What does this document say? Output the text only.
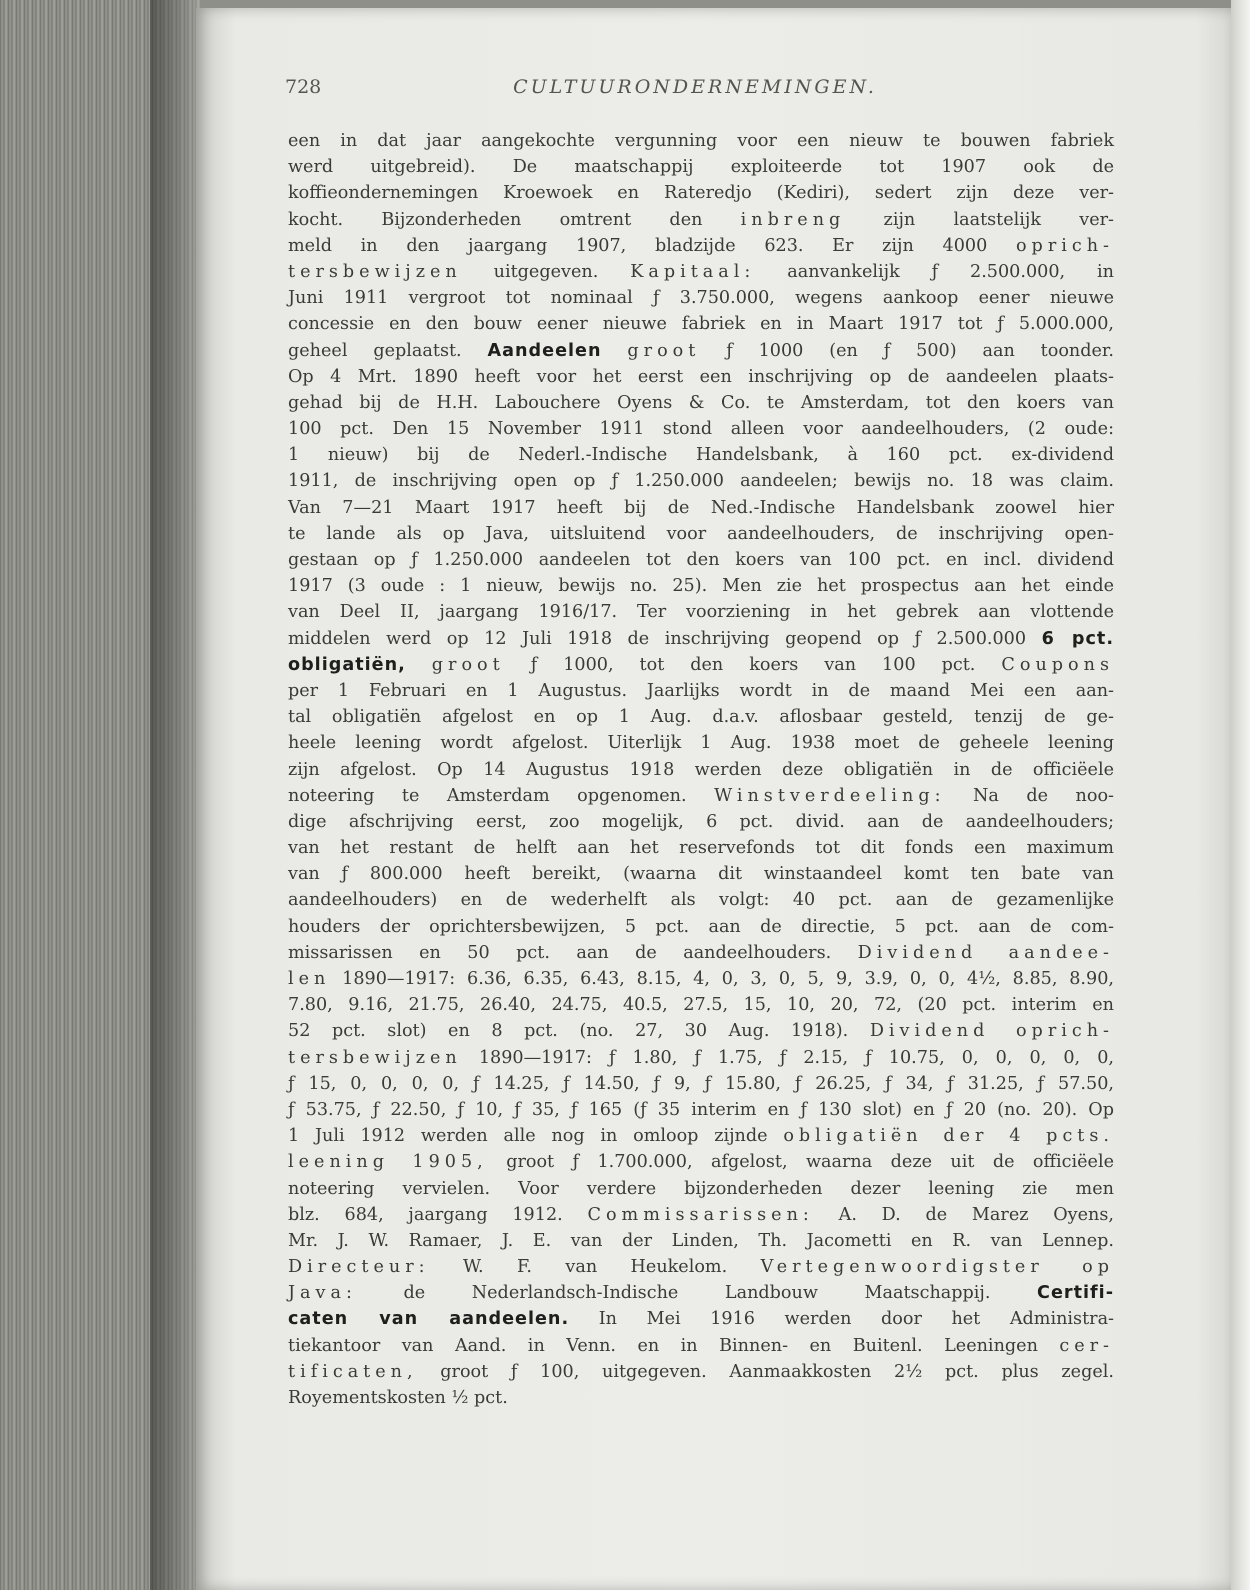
728	CULTUURONDERNEMINGEN.
een in dat jaar aangekochte vergunning voor een nieuw te bouwen fabriek
werd uitgebreid). De maatschappij exploiteerde tot 1907 ook de
koffieondernemingen Kroewoek en Rateredjo (Kediri), sedert zijn deze ver-
kocht. Bijzonderheden omtrent den inbreng zijn laatstelijk ver-
meld in den jaargang 1907, bladzijde 623. Er zijn 4000 oprich-
tersbewijzen uitgegeven. Kapitaal: aanvankelijk ƒ 2.500.000, in
Juni 1911 vergroot tot nominaal ƒ 3.750.000, wegens aankoop eener nieuwe
concessie en den bouw eener nieuwe fabriek en in Maart 1917 tot ƒ 5.000.000,
geheel geplaatst. Aandeelen groot ƒ 1000 (en ƒ 500) aan toonder.
Op 4 Mrt. 1890 heeft voor het eerst een inschrijving op de aandeelen plaats-
gehad bij de H.H. Labouchere Oyens & Co. te Amsterdam, tot den koers van
100 pct. Den 15 November 1911 stond alleen voor aandeelhouders, (2 oude:
1 nieuw) bij de Nederl.-Indische Handelsbank, à 160 pct. ex-dividend
1911, de inschrijving open op ƒ 1.250.000 aandeelen; bewijs no. 18 was claim.
Van 7—21 Maart 1917 heeft bij de Ned.-Indische Handelsbank zoowel hier
te lande als op Java, uitsluitend voor aandeelhouders, de inschrijving open-
gestaan op ƒ 1.250.000 aandeelen tot den koers van 100 pct. en incl. dividend
1917 (3 oude : 1 nieuw, bewijs no. 25). Men zie het prospectus aan het einde
van Deel II, jaargang 1916/17. Ter voorziening in het gebrek aan vlottende
middelen werd op 12 Juli 1918 de inschrijving geopend op ƒ 2.500.000 6 pct.
obligatiën, groot ƒ 1000, tot den koers van 100 pct. Coupons
per 1 Februari en 1 Augustus. Jaarlijks wordt in de maand Mei een aan-
tal obligatiën afgelost en op 1 Aug. d.a.v. aflosbaar gesteld, tenzij de ge-
heele leening wordt afgelost. Uiterlijk 1 Aug. 1938 moet de geheele leening
zijn afgelost. Op 14 Augustus 1918 werden deze obligatiën in de officiëele
noteering te Amsterdam opgenomen. Winstverdeeling: Na de noo-
dige afschrijving eerst, zoo mogelijk, 6 pct. divid. aan de aandeelhouders;
van het restant de helft aan het reservefonds tot dit fonds een maximum
van ƒ 800.000 heeft bereikt, (waarna dit winstaandeel komt ten bate van
aandeelhouders) en de wederhelft als volgt: 40 pct. aan de gezamenlijke
houders der oprichtersbewijzen, 5 pct. aan de directie, 5 pct. aan de com-
missarissen en 50 pct. aan de aandeelhouders. Dividend aandee-
len 1890—1917: 6.36, 6.35, 6.43, 8.15, 4, 0, 3, 0, 5, 9, 3.9, 0, 0, 4½, 8.85, 8.90,
7.80, 9.16, 21.75, 26.40, 24.75, 40.5, 27.5, 15, 10, 20, 72, (20 pct. interim en
52 pct. slot) en 8 pct. (no. 27, 30 Aug. 1918). Dividend oprich-
tersbewijzen 1890—1917: ƒ 1.80, ƒ 1.75, ƒ 2.15, ƒ 10.75, 0, 0, 0, 0, 0,
ƒ 15, 0, 0, 0, 0, ƒ 14.25, ƒ 14.50, ƒ 9, ƒ 15.80, ƒ 26.25, ƒ 34, ƒ 31.25, ƒ 57.50,
ƒ 53.75, ƒ 22.50, ƒ 10, ƒ 35, ƒ 165 (ƒ 35 interim en ƒ 130 slot) en ƒ 20 (no. 20). Op
1 Juli 1912 werden alle nog in omloop zijnde obligatiën der 4 pcts.
leening 1905, groot ƒ 1.700.000, afgelost, waarna deze uit de officiëele
noteering vervielen. Voor verdere bijzonderheden dezer leening zie men
blz. 684, jaargang 1912. Commissarissen: A. D. de Marez Oyens,
Mr. J. W. Ramaer, J. E. van der Linden, Th. Jacometti en R. van Lennep.
Directeur: W. F. van Heukelom. Vertegenwoordigster op
Java: de Nederlandsch-Indische Landbouw Maatschappij. Certifi-
caten van aandeelen. In Mei 1916 werden door het Administra-
tiekantoor van Aand. in Venn. en in Binnen- en Buitenl. Leeningen cer-
tificaten, groot ƒ 100, uitgegeven. Aanmaakkosten 2½ pct. plus zegel.
Royementskosten ½ pct.
